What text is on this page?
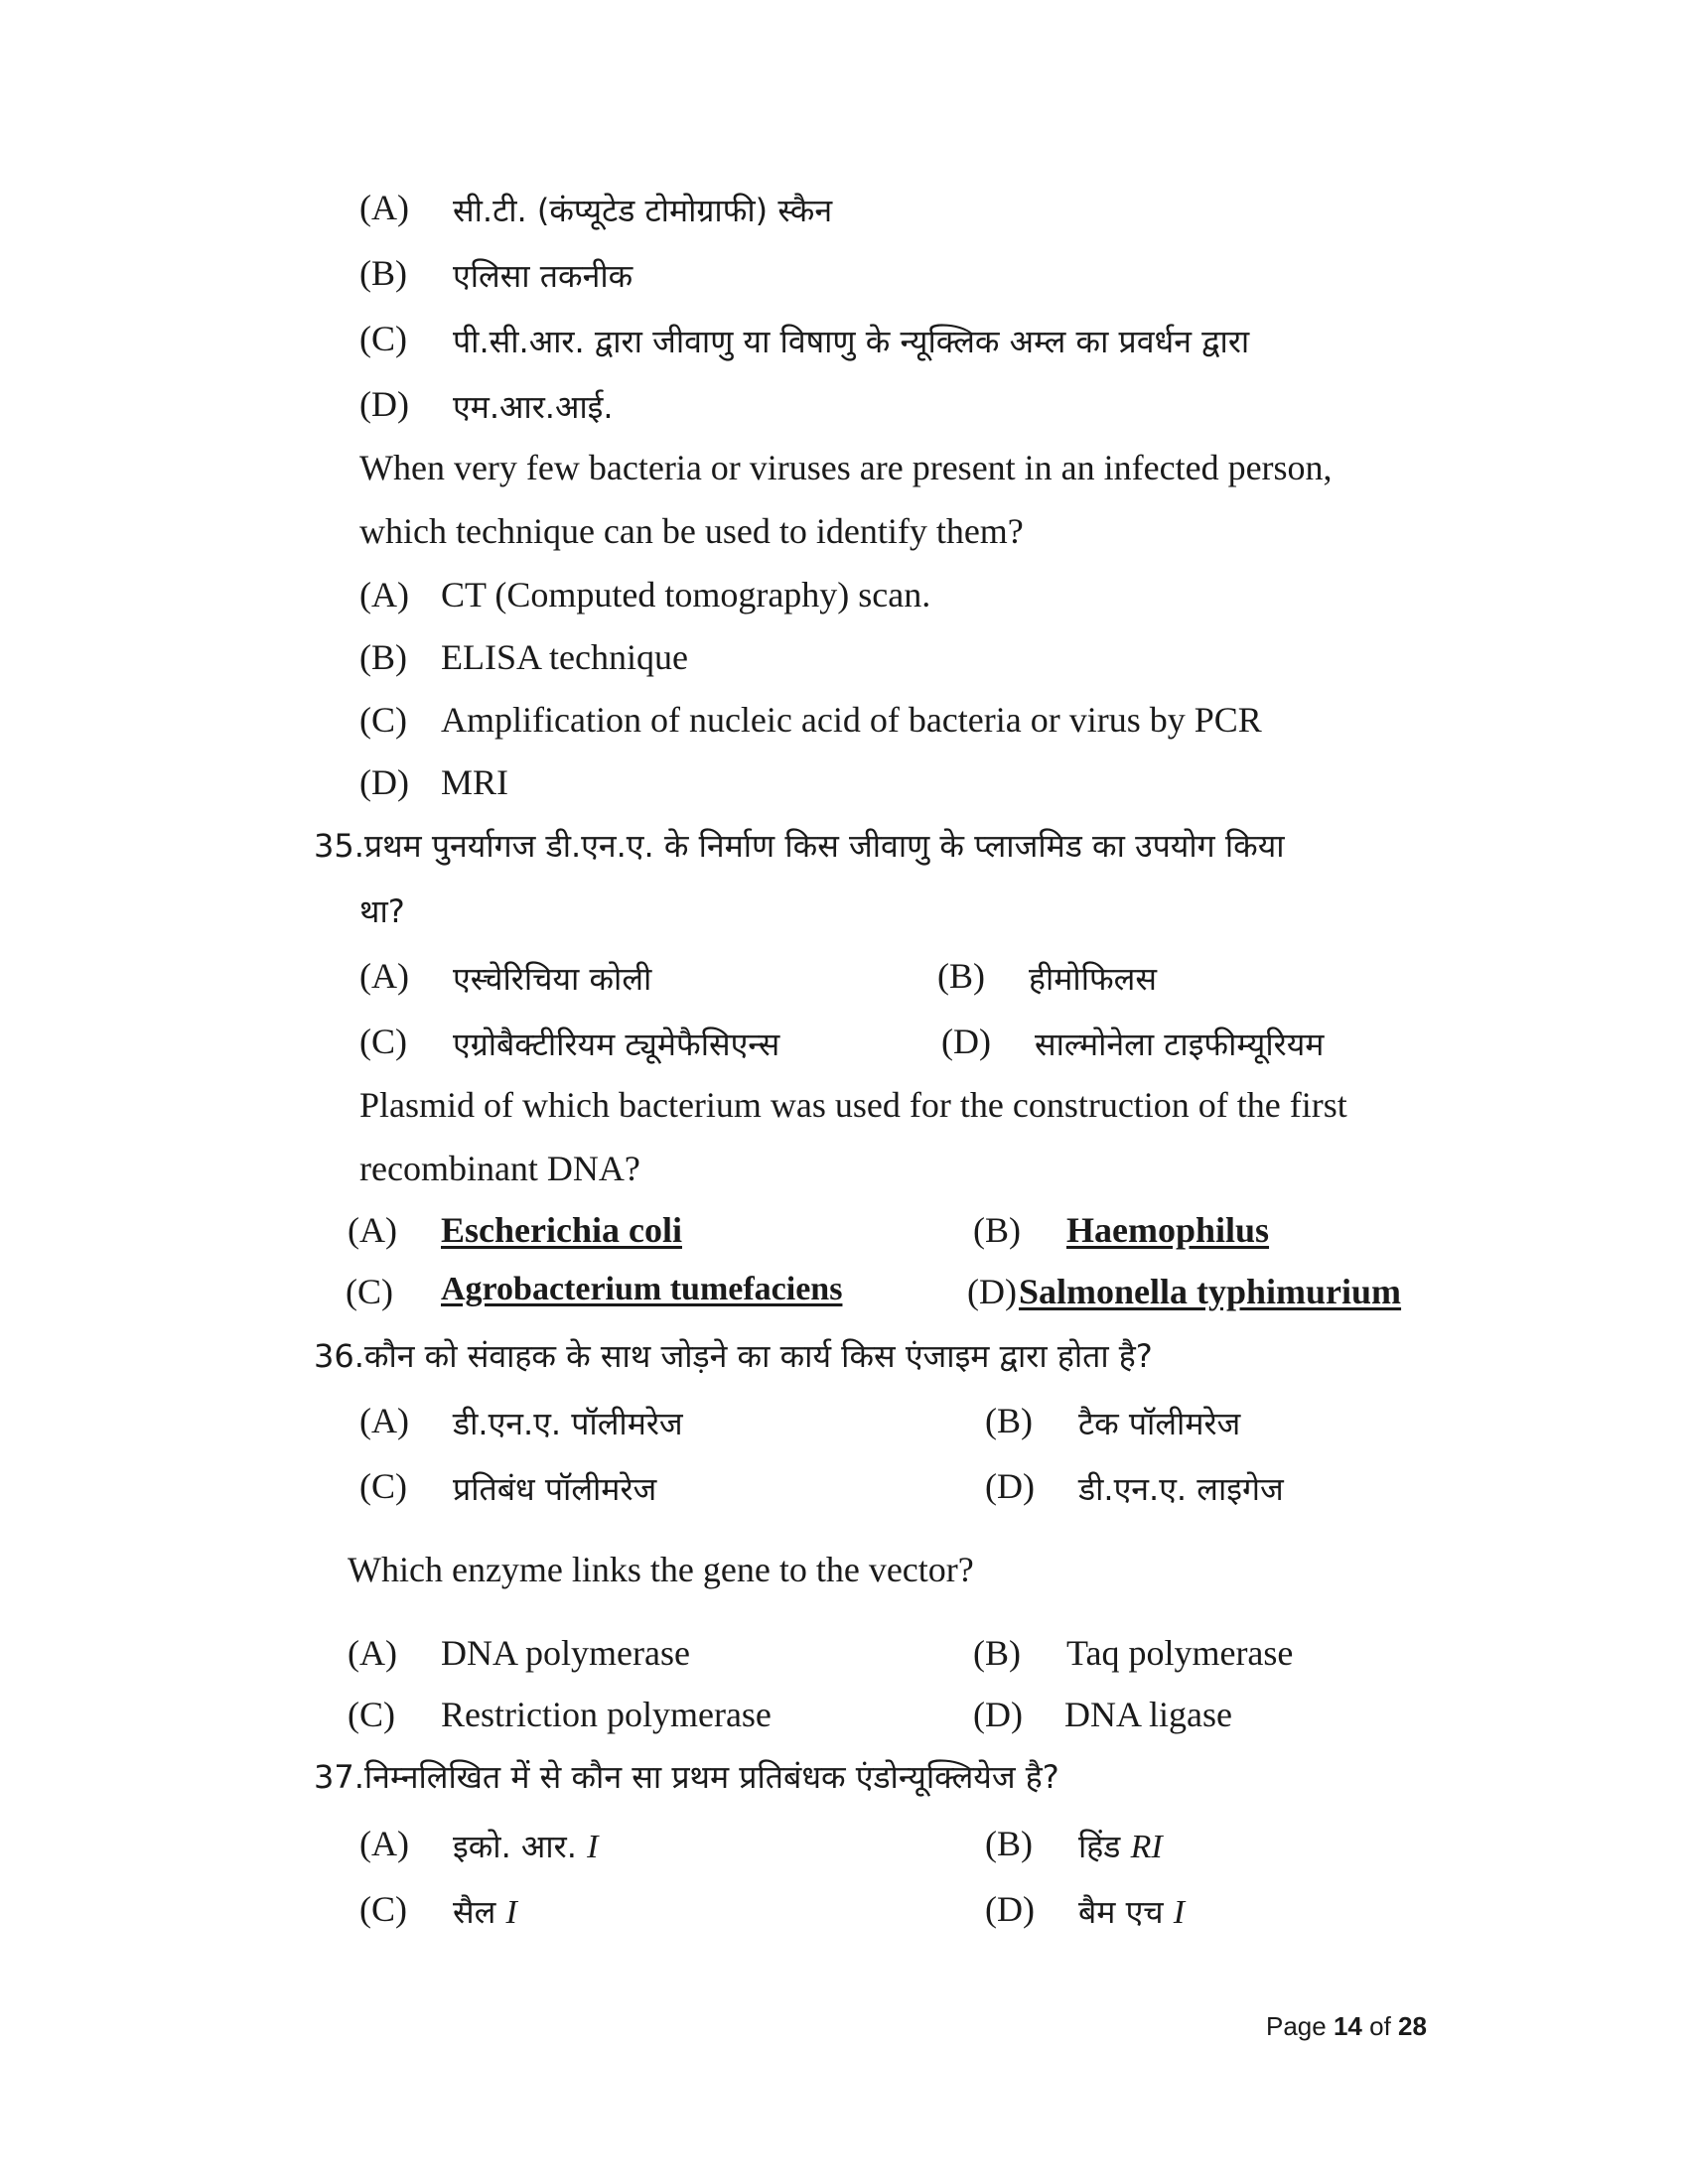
(A) सी.टी. (कंप्यूटेड टोमोग्राफी) स्कैन
(B) एलिसा तकनीक
(C) पी.सी.आर. द्वारा जीवाणु या विषाणु के न्यूक्लिक अम्ल का प्रवर्धन द्वारा
(D) एम.आर.आई.
When very few bacteria or viruses are present in an infected person,
which technique can be used to identify them?
(A) CT (Computed tomography) scan.
(B) ELISA technique
(C) Amplification of nucleic acid of bacteria or virus by PCR
(D) MRI
35.प्रथम पुनर्यागज डी.एन.ए. के निर्माण किस जीवाणु के प्लाजमिड का उपयोग किया
था?
(A) एस्चेरिचिया कोली	(B) हीमोफिलस
(C) एग्रोबैक्टीरियम ट्यूमेफैसिएन्स	(D) साल्मोनेला टाइफीम्यूरियम
Plasmid of which bacterium was used for the construction of the first
recombinant DNA?
(A) Escherichia coli	(B) Haemophilus
(C) Agrobacterium tumefaciens	(D) Salmonella typhimurium
36.कौन को संवाहक के साथ जोड़ने का कार्य किस एंजाइम द्वारा होता है?
(A) डी.एन.ए. पॉलीमरेज	(B) टैक पॉलीमरेज
(C) प्रतिबंध पॉलीमरेज	(D) डी.एन.ए. लाइगेज
Which enzyme links the gene to the vector?
(A) DNA polymerase	(B) Taq polymerase
(C) Restriction polymerase	(D) DNA ligase
37.निम्नलिखित में से कौन सा प्रथम प्रतिबंधक एंडोन्यूक्लियेज है?
(A) इको. आर. I	(B) हिंड RI
(C) सैल I	(D) बैम एच I
Page 14 of 28
